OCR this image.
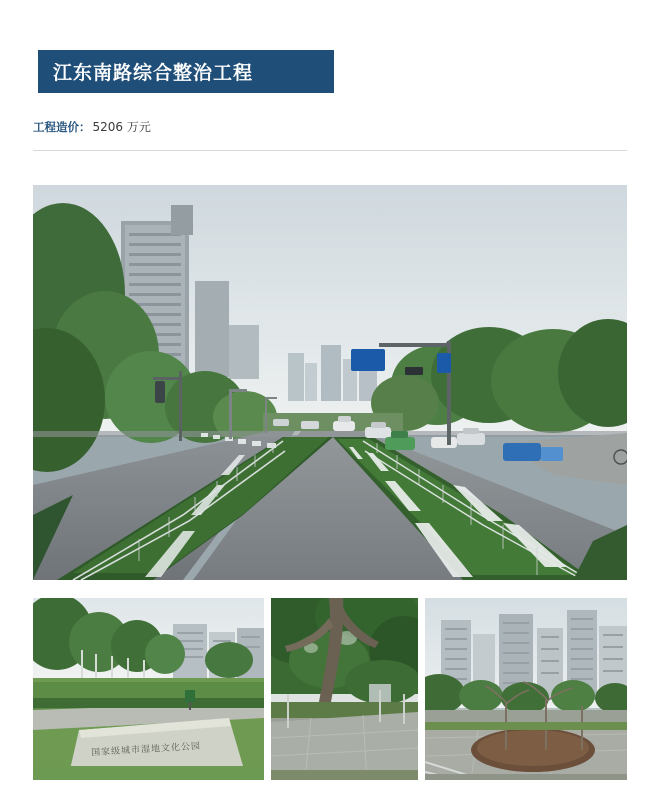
江东南路综合整治工程
工程造价： 5206 万元
国家级城市湿地文化公园
